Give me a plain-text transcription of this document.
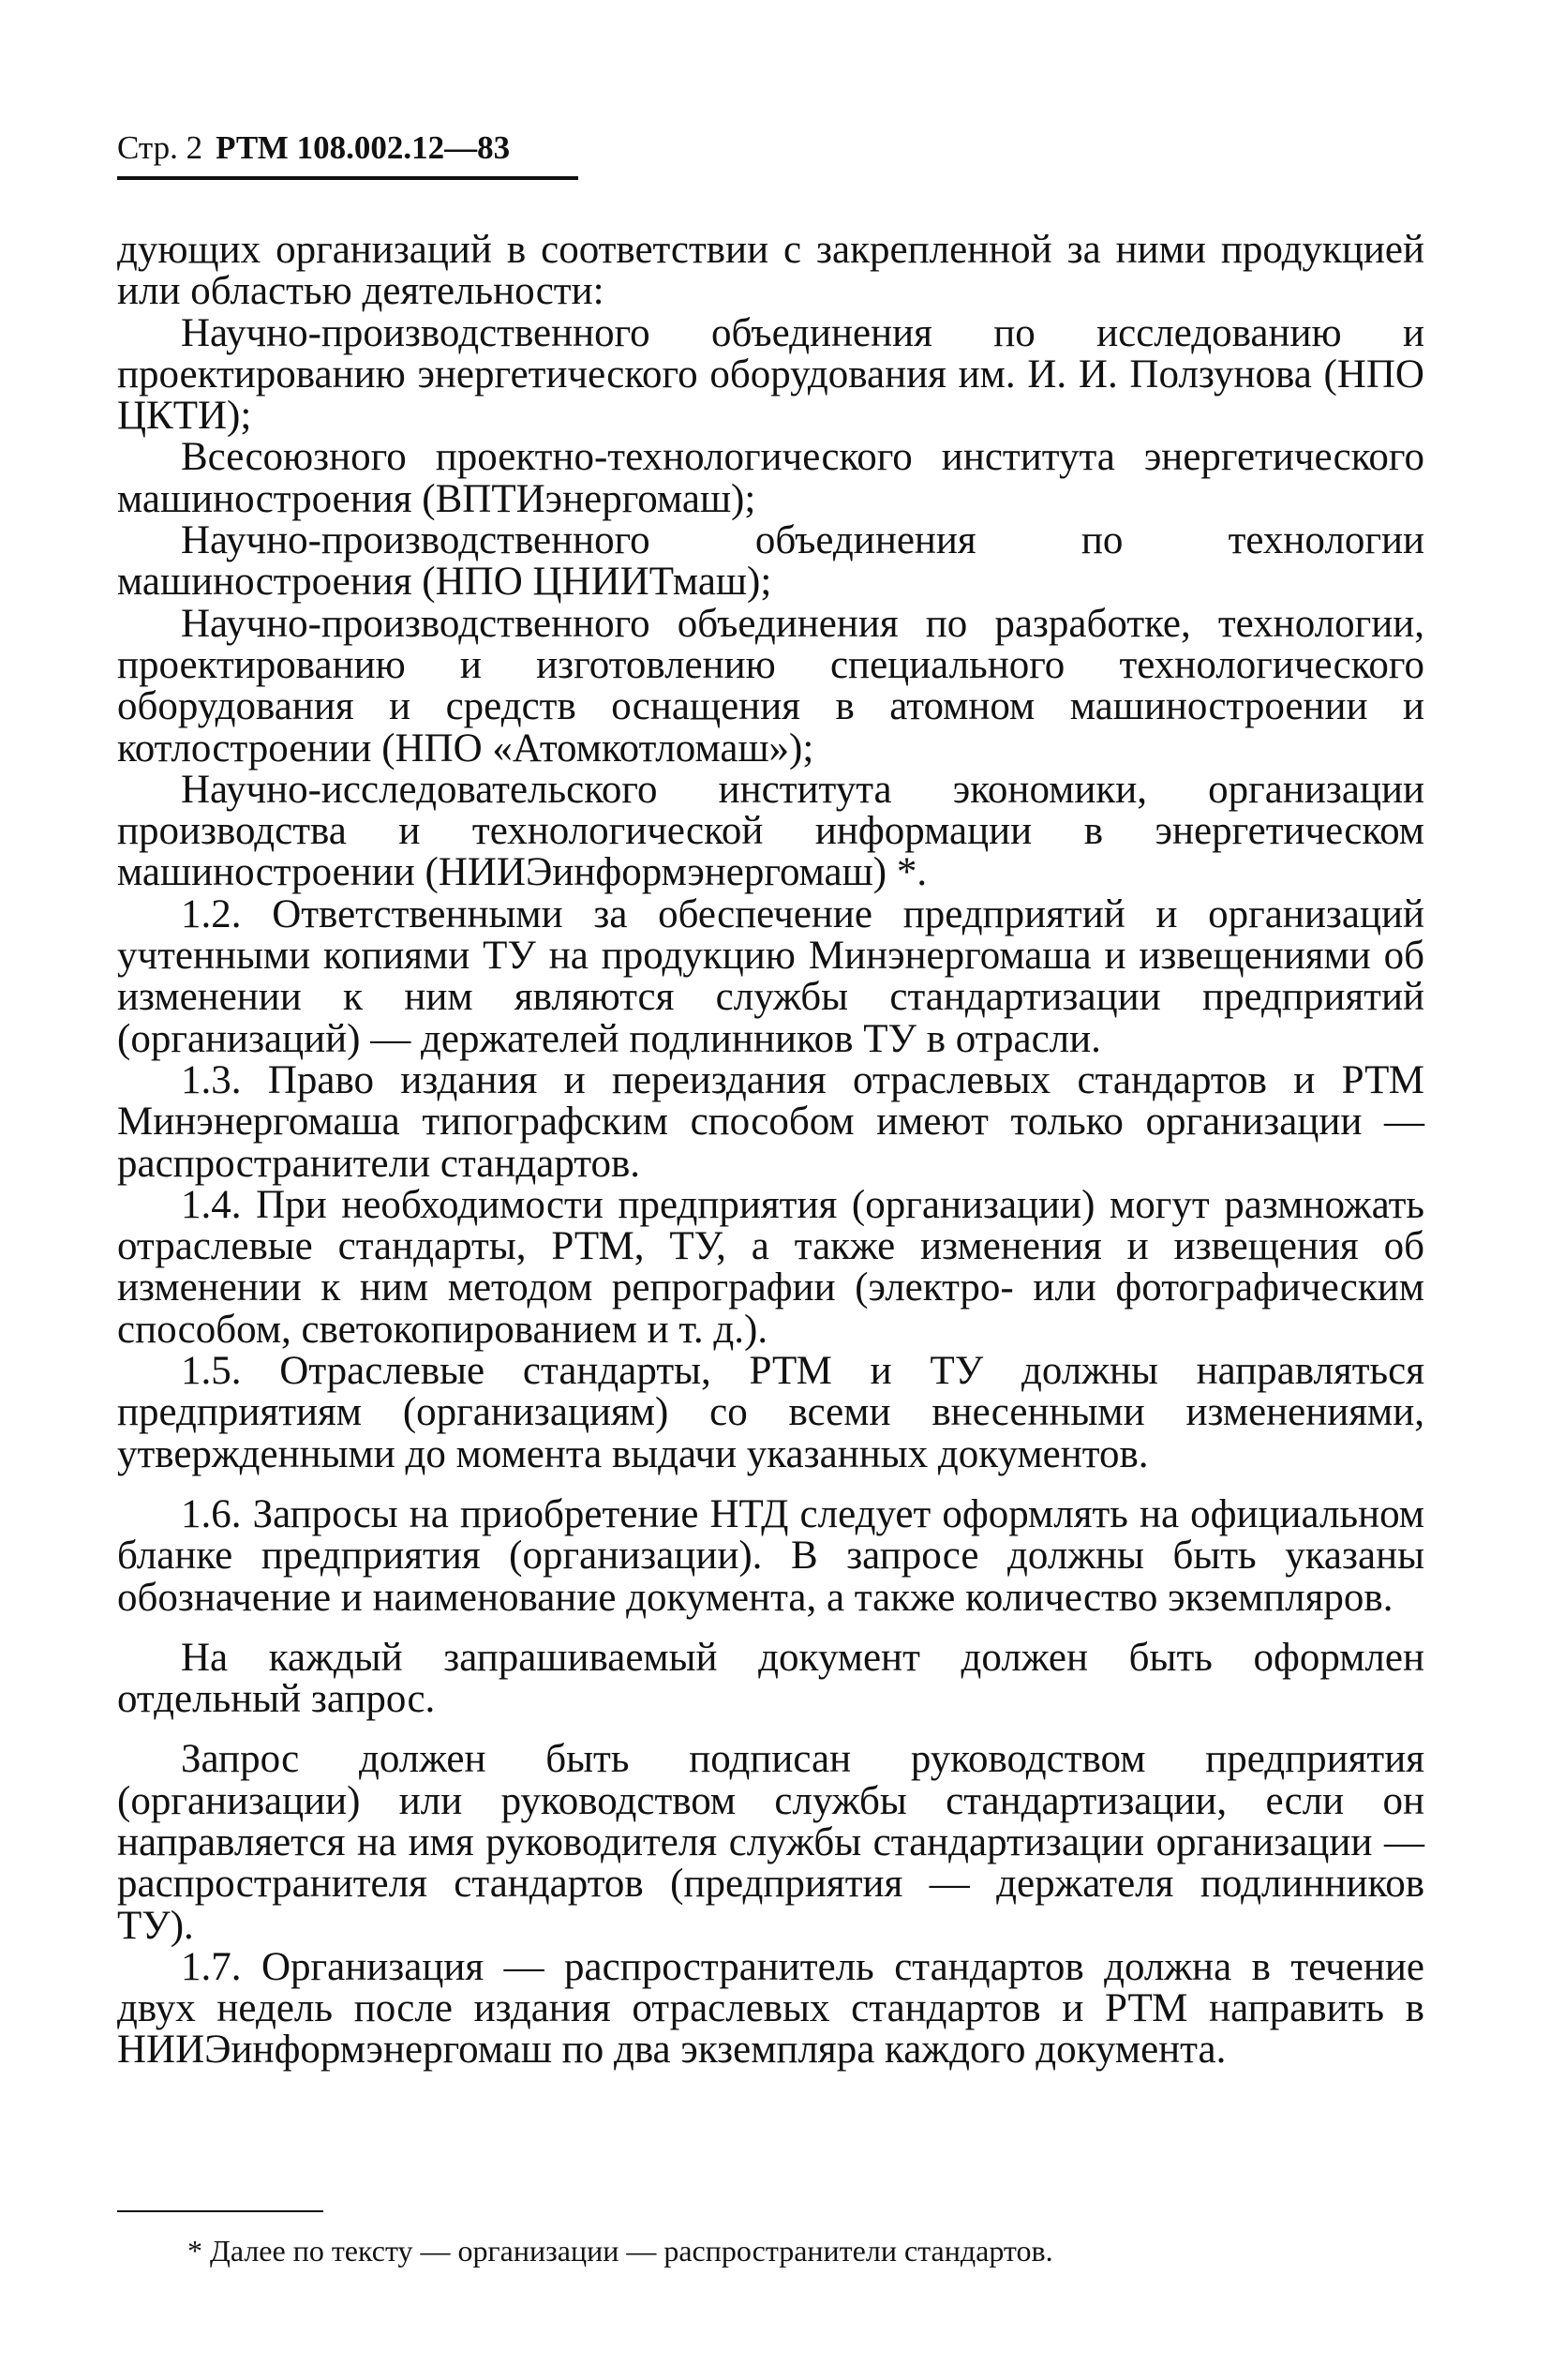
Стр. 2 РТМ 108.002.12—83

дующих организаций в соответствии с закрепленной за ними продукцией или областью деятельности:

Научно-производственного объединения по исследованию и проектированию энергетического оборудования им. И. И. Ползунова (НПО ЦКТИ);

Всесоюзного проектно-технологического института энергетического машиностроения (ВПТИэнергомаш);

Научно-производственного объединения по технологии машиностроения (НПО ЦНИИТмаш);

Научно-производственного объединения по разработке, технологии, проектированию и изготовлению специального технологического оборудования и средств оснащения в атомном машиностроении и котлостроении (НПО «Атомкотломаш»);

Научно-исследовательского института экономики, организации производства и технологической информации в энергетическом машиностроении (НИИЭинформэнергомаш) *.

1.2. Ответственными за обеспечение предприятий и организаций учтенными копиями ТУ на продукцию Минэнергомаша и извещениями об изменении к ним являются службы стандартизации предприятий (организаций) — держателей подлинников ТУ в отрасли.

1.3. Право издания и переиздания отраслевых стандартов и РТМ Минэнергомаша типографским способом имеют только организации — распространители стандартов.

1.4. При необходимости предприятия (организации) могут размножать отраслевые стандарты, РТМ, ТУ, а также изменения и извещения об изменении к ним методом репрографии (электро- или фотографическим способом, светокопированием и т. д.).

1.5. Отраслевые стандарты, РТМ и ТУ должны направляться предприятиям (организациям) со всеми внесенными изменениями, утвержденными до момента выдачи указанных документов.

1.6. Запросы на приобретение НТД следует оформлять на официальном бланке предприятия (организации). В запросе должны быть указаны обозначение и наименование документа, а также количество экземпляров.

На каждый запрашиваемый документ должен быть оформлен отдельный запрос.

Запрос должен быть подписан руководством предприятия (организации) или руководством службы стандартизации, если он направляется на имя руководителя службы стандартизации организации — распространителя стандартов (предприятия — держателя подлинников ТУ).

1.7. Организация — распространитель стандартов должна в течение двух недель после издания отраслевых стандартов и РТМ направить в НИИЭинформэнергомаш по два экземпляра каждого документа.

* Далее по тексту — организации — распространители стандартов.
